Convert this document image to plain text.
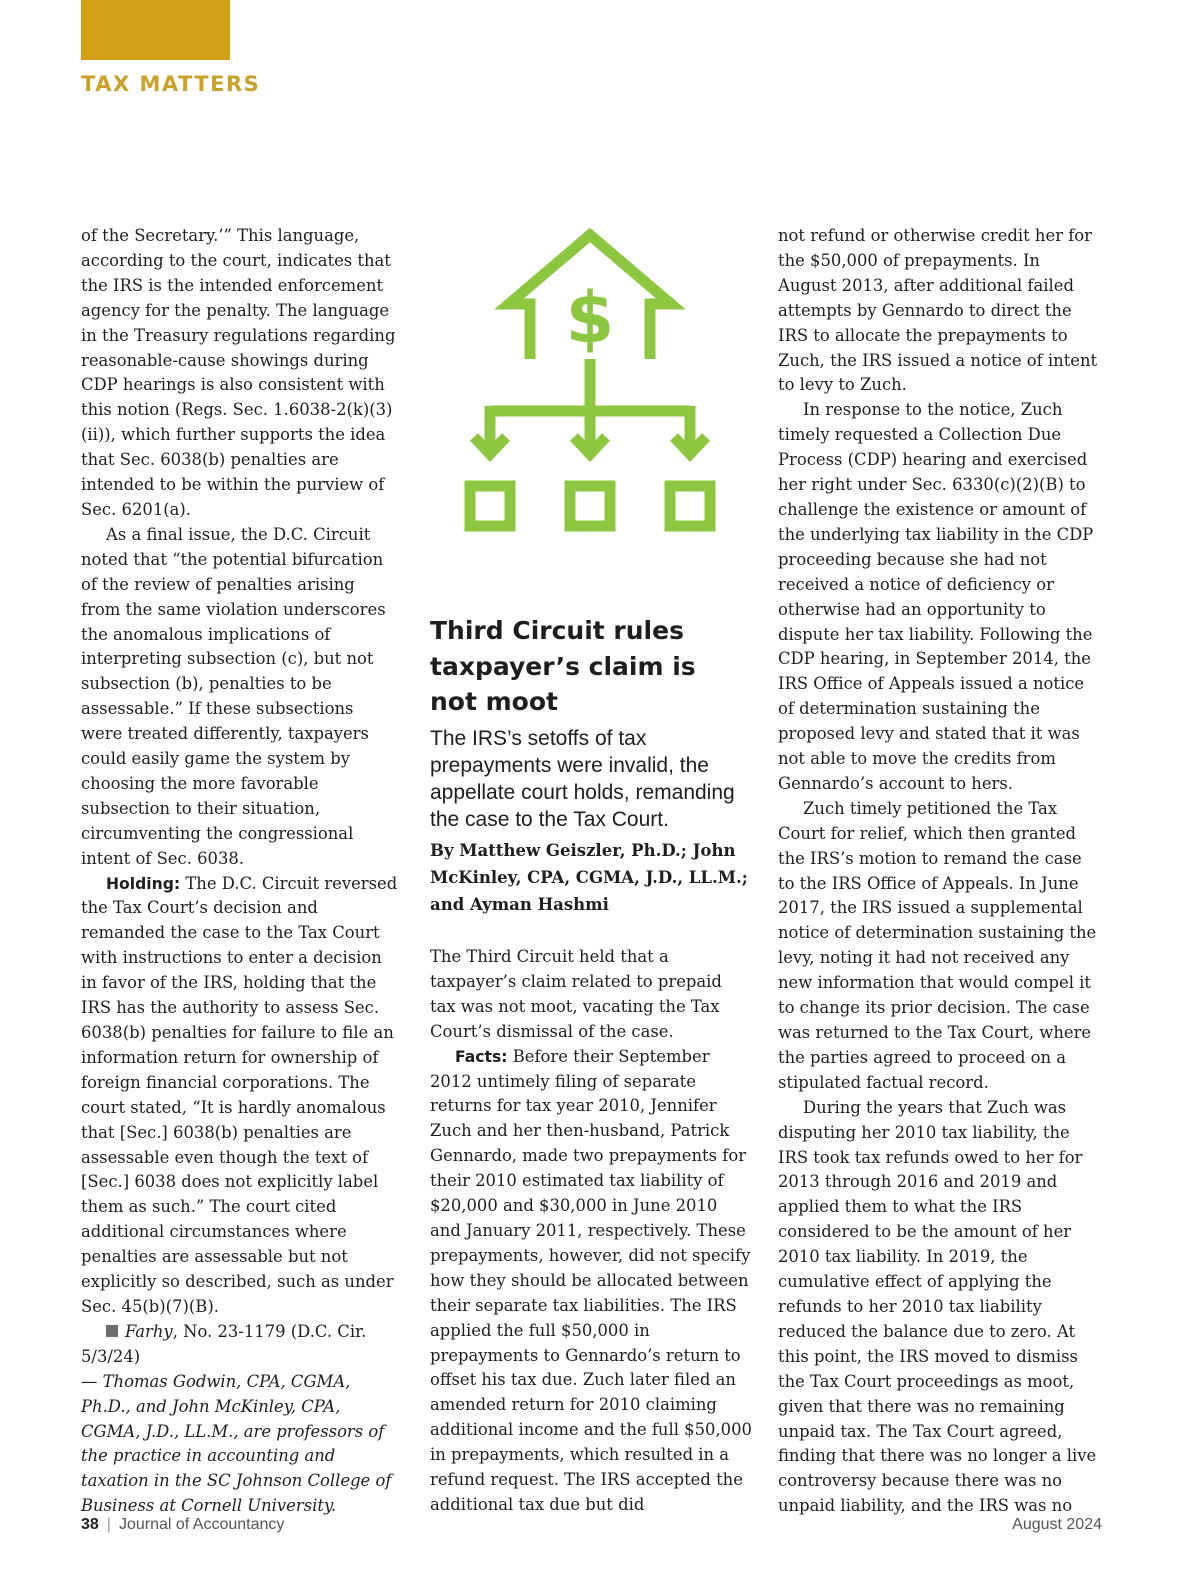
TAX MATTERS

of the Secretary.’” This language, according to the court, indicates that the IRS is the intended enforcement agency for the penalty. The language in the Treasury regulations regarding reasonable-cause showings during CDP hearings is also consistent with this notion (Regs. Sec. 1.6038-2(k)(3)(ii)), which further supports the idea that Sec. 6038(b) penalties are intended to be within the purview of Sec. 6201(a).

As a final issue, the D.C. Circuit noted that “the potential bifurcation of the review of penalties arising from the same violation underscores the anomalous implications of interpreting subsection (c), but not subsection (b), penalties to be assessable.” If these subsections were treated differently, taxpayers could easily game the system by choosing the more favorable subsection to their situation, circumventing the congressional intent of Sec. 6038.

Holding: The D.C. Circuit reversed the Tax Court’s decision and remanded the case to the Tax Court with instructions to enter a decision in favor of the IRS, holding that the IRS has the authority to assess Sec. 6038(b) penalties for failure to file an information return for ownership of foreign financial corporations. The court stated, “It is hardly anomalous that [Sec.] 6038(b) penalties are assessable even though the text of [Sec.] 6038 does not explicitly label them as such.” The court cited additional circumstances where penalties are assessable but not explicitly so described, such as under Sec. 45(b)(7)(B).

Farhy, No. 23-1179 (D.C. Cir. 5/3/24)

— Thomas Godwin, CPA, CGMA, Ph.D., and John McKinley, CPA, CGMA, J.D., LL.M., are professors of the practice in accounting and taxation in the SC Johnson College of Business at Cornell University.

$
Third Circuit rules taxpayer’s claim is not moot
The IRS’s setoffs of tax prepayments were invalid, the appellate court holds, remanding the case to the Tax Court.
By Matthew Geiszler, Ph.D.; John McKinley, CPA, CGMA, J.D., LL.M.; and Ayman Hashmi

The Third Circuit held that a taxpayer’s claim related to prepaid tax was not moot, vacating the Tax Court’s dismissal of the case.

Facts: Before their September 2012 untimely filing of separate returns for tax year 2010, Jennifer Zuch and her then-husband, Patrick Gennardo, made two prepayments for their 2010 estimated tax liability of $20,000 and $30,000 in June 2010 and January 2011, respectively. These prepayments, however, did not specify how they should be allocated between their separate tax liabilities. The IRS applied the full $50,000 in prepayments to Gennardo’s return to offset his tax due. Zuch later filed an amended return for 2010 claiming additional income and the full $50,000 in prepayments, which resulted in a refund request. The IRS accepted the additional tax due but did

not refund or otherwise credit her for the $50,000 of prepayments. In August 2013, after additional failed attempts by Gennardo to direct the IRS to allocate the prepayments to Zuch, the IRS issued a notice of intent to levy to Zuch.

In response to the notice, Zuch timely requested a Collection Due Process (CDP) hearing and exercised her right under Sec. 6330(c)(2)(B) to challenge the existence or amount of the underlying tax liability in the CDP proceeding because she had not received a notice of deficiency or otherwise had an opportunity to dispute her tax liability. Following the CDP hearing, in September 2014, the IRS Office of Appeals issued a notice of determination sustaining the proposed levy and stated that it was not able to move the credits from Gennardo’s account to hers.

Zuch timely petitioned the Tax Court for relief, which then granted the IRS’s motion to remand the case to the IRS Office of Appeals. In June 2017, the IRS issued a supplemental notice of determination sustaining the levy, noting it had not received any new information that would compel it to change its prior decision. The case was returned to the Tax Court, where the parties agreed to proceed on a stipulated factual record.

During the years that Zuch was disputing her 2010 tax liability, the IRS took tax refunds owed to her for 2013 through 2016 and 2019 and applied them to what the IRS considered to be the amount of her 2010 tax liability. In 2019, the cumulative effect of applying the refunds to her 2010 tax liability reduced the balance due to zero. At this point, the IRS moved to dismiss the Tax Court proceedings as moot, given that there was no remaining unpaid tax. The Tax Court agreed, finding that there was no longer a live controversy because there was no unpaid liability, and the IRS was no

38 | Journal of Accountancy	August 2024
